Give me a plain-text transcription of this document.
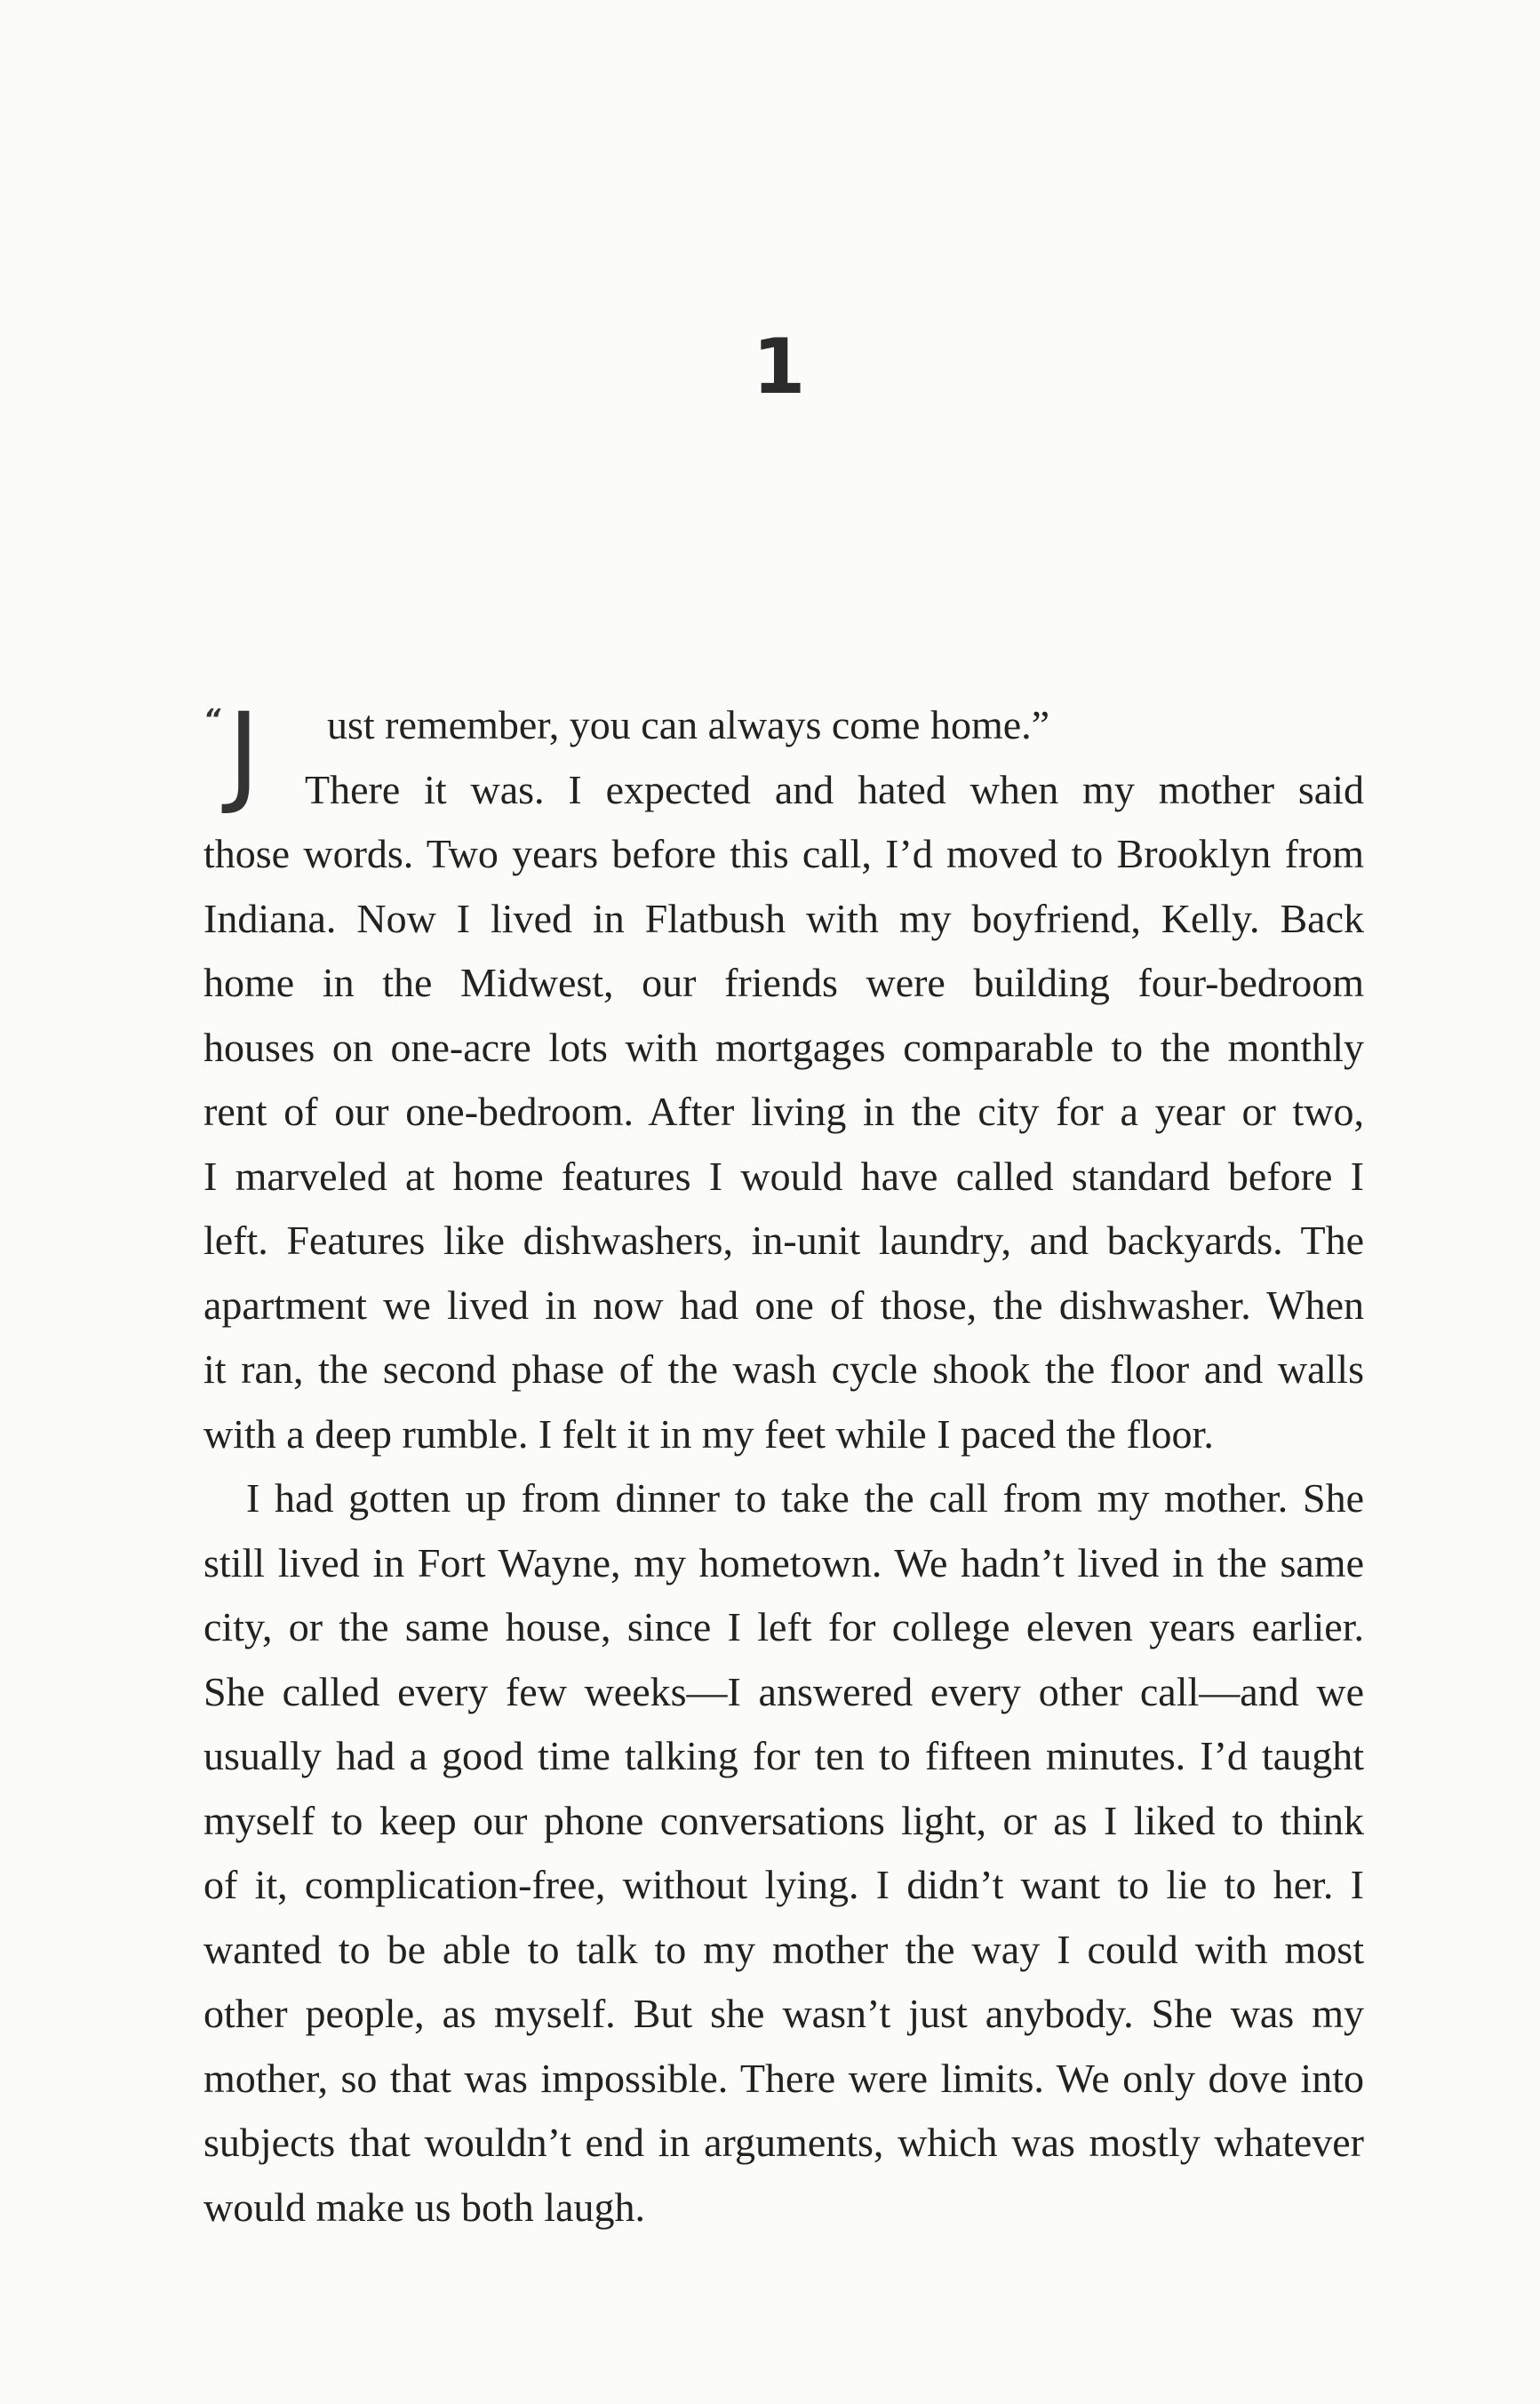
1
“ J ust remember, you can always come home.”
There it was. I expected and hated when my mother said
those words. Two years before this call, I’d moved to Brooklyn from
Indiana. Now I lived in Flatbush with my boyfriend, Kelly. Back
home in the Midwest, our friends were building four-bedroom
houses on one-acre lots with mortgages comparable to the monthly
rent of our one-bedroom. After living in the city for a year or two,
I marveled at home features I would have called standard before I
left. Features like dishwashers, in-unit laundry, and backyards. The
apartment we lived in now had one of those, the dishwasher. When
it ran, the second phase of the wash cycle shook the floor and walls
with a deep rumble. I felt it in my feet while I paced the floor.
I had gotten up from dinner to take the call from my mother. She
still lived in Fort Wayne, my hometown. We hadn’t lived in the same
city, or the same house, since I left for college eleven years earlier.
She called every few weeks—I answered every other call—and we
usually had a good time talking for ten to fifteen minutes. I’d taught
myself to keep our phone conversations light, or as I liked to think
of it, complication-free, without lying. I didn’t want to lie to her. I
wanted to be able to talk to my mother the way I could with most
other people, as myself. But she wasn’t just anybody. She was my
mother, so that was impossible. There were limits. We only dove into
subjects that wouldn’t end in arguments, which was mostly whatever
would make us both laugh.
